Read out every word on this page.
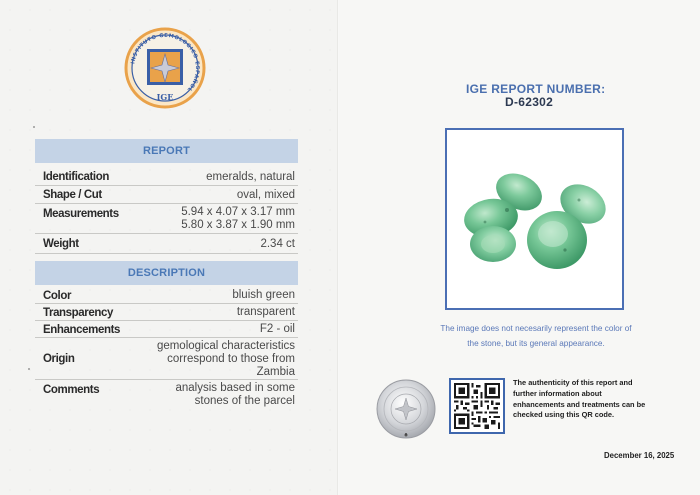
INSTITUTO GEMOLOGICO ESPAÑOL
IGE
REPORT
Identification	emeralds, natural
Shape / Cut	oval, mixed
Measurements	5.94 x 4.07 x 3.17 mm
5.80 x 3.87 x 1.90 mm
Weight	2.34 ct
DESCRIPTION
Color	bluish green
Transparency	transparent
Enhancements	F2 - oil
Origin
gemological characteristics
correspond to those from
Zambia
Comments	analysis based in some
stones of the parcel
IGE REPORT NUMBER:
D-62302
The image does not necesarily represent the color of
the stone, but its general appearance.
The authenticity of this report and further information about enhancements and treatments can be checked using this QR code.
December 16, 2025
